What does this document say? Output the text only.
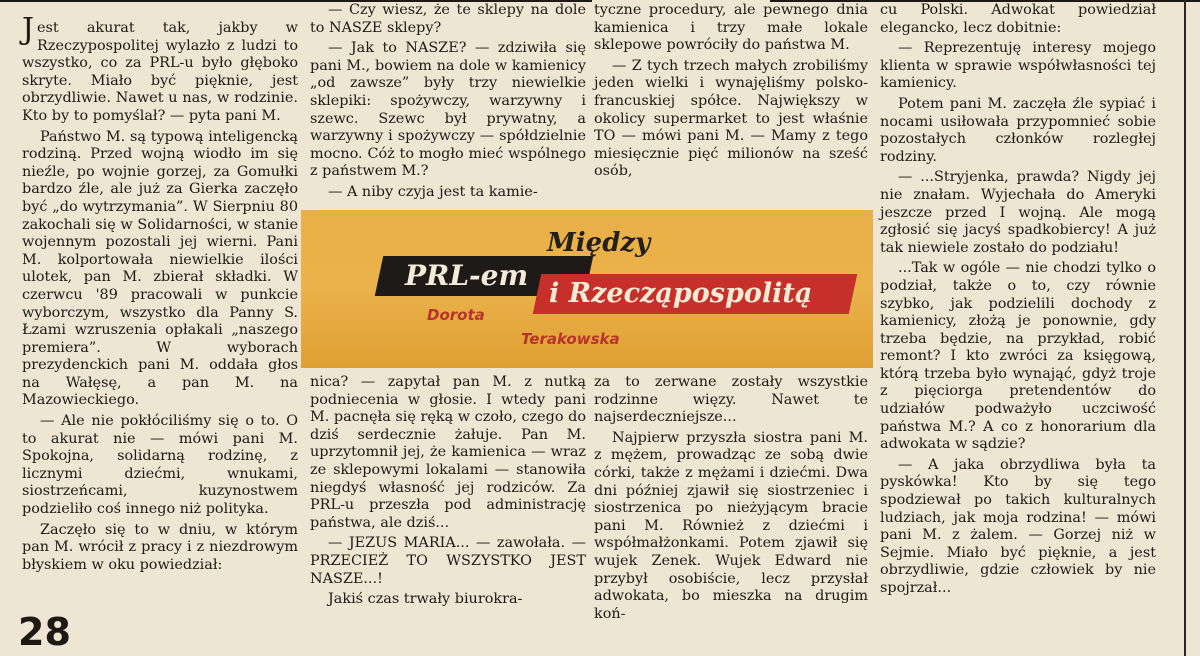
Jest akurat tak, jakby w Rzeczypospolitej wylazło z ludzi to wszystko, co za PRL-u było głęboko skryte. Miało być pięknie, jest obrzydliwie. Nawet u nas, w rodzinie. Kto by to pomyślał? — pyta pani M.

Państwo M. są typową inteligencką rodziną. Przed wojną wiodło im się nieźle, po wojnie gorzej, za Gomułki bardzo źle, ale już za Gierka zaczęło być „do wytrzymania”. W Sierpniu 80 zakochali się w Solidarności, w stanie wojennym pozostali jej wierni. Pani M. kolportowała niewielkie ilości ulotek, pan M. zbierał składki. W czerwcu '89 pracowali w punkcie wyborczym, wszystko dla Panny S. Łzami wzruszenia opłakali „naszego premiera”. W wyborach prezydenckich pani M. oddała głos na Wałęsę, a pan M. na Mazowieckiego.

— Ale nie pokłóciliśmy się o to. O to akurat nie — mówi pani M. Spokojna, solidarną rodzinę, z licznymi dziećmi, wnukami, siostrzeńcami, kuzynostwem podzieliło coś innego niż polityka.

Zaczęło się to w dniu, w którym pan M. wrócił z pracy i z niezdrowym błyskiem w oku powiedział:

— Czy wiesz, że te sklepy na dole to NASZE sklepy?

— Jak to NASZE? — zdziwiła się pani M., bowiem na dole w kamienicy „od zawsze” były trzy niewielkie sklepiki: spożywczy, warzywny i szewc. Szewc był prywatny, a warzywny i spożywczy — spółdzielnie mocno. Cóż to mogło mieć wspólnego z państwem M.?

— A niby czyja jest ta kamie-

tyczne procedury, ale pewnego dnia kamienica i trzy małe lokale sklepowe powróciły do państwa M.

— Z tych trzech małych zrobiliśmy jeden wielki i wynajęliśmy polsko-francuskiej spółce. Największy w okolicy supermarket to jest właśnie TO — mówi pani M. — Mamy z tego miesięcznie pięć milionów na sześć osób,

PRL-em
Między
i Rzecząpospolitą
Dorota
Terakowska

nica? — zapytał pan M. z nutką podniecenia w głosie. I wtedy pani M. pacnęła się ręką w czoło, czego do dziś serdecznie żałuje. Pan M. uprzytomnił jej, że kamienica — wraz ze sklepowymi lokalami — stanowiła niegdyś własność jej rodziców. Za PRL-u przeszła pod administrację państwa, ale dziś...

— JEZUS MARIA... — zawołała. — PRZECIEŻ TO WSZYSTKO JEST NASZE...!

Jakiś czas trwały biurokra-

za to zerwane zostały wszystkie rodzinne więzy. Nawet te najserdeczniejsze...

Najpierw przyszła siostra pani M. z mężem, prowadząc ze sobą dwie córki, także z mężami i dziećmi. Dwa dni później zjawił się siostrzeniec i siostrzenica po nieżyjącym bracie pani M. Również z dziećmi i współmałżonkami. Potem zjawił się wujek Zenek. Wujek Edward nie przybył osobiście, lecz przysłał adwokata, bo mieszka na drugim koń-

cu Polski. Adwokat powiedział elegancko, lecz dobitnie:

— Reprezentuję interesy mojego klienta w sprawie współwłasności tej kamienicy.

Potem pani M. zaczęła źle sypiać i nocami usiłowała przypomnieć sobie pozostałych członków rozległej rodziny.

— ...Stryjenka, prawda? Nigdy jej nie znałam. Wyjechała do Ameryki jeszcze przed I wojną. Ale mogą zgłosić się jacyś spadkobiercy! A już tak niewiele zostało do podziału!

...Tak w ogóle — nie chodzi tylko o podział, także o to, czy równie szybko, jak podzielili dochody z kamienicy, złożą je ponownie, gdy trzeba będzie, na przykład, robić remont? I kto zwróci za księgową, którą trzeba było wynająć, gdyż troje z pięciorga pretendentów do udziałów podważyło uczciwość państwa M.? A co z honorarium dla adwokata w sądzie?

— A jaka obrzydliwa była ta pyskówka! Kto by się tego spodziewał po takich kulturalnych ludziach, jak moja rodzina! — mówi pani M. z żalem. — Gorzej niż w Sejmie. Miało być pięknie, a jest obrzydliwie, gdzie człowiek by nie spojrzał...

28
